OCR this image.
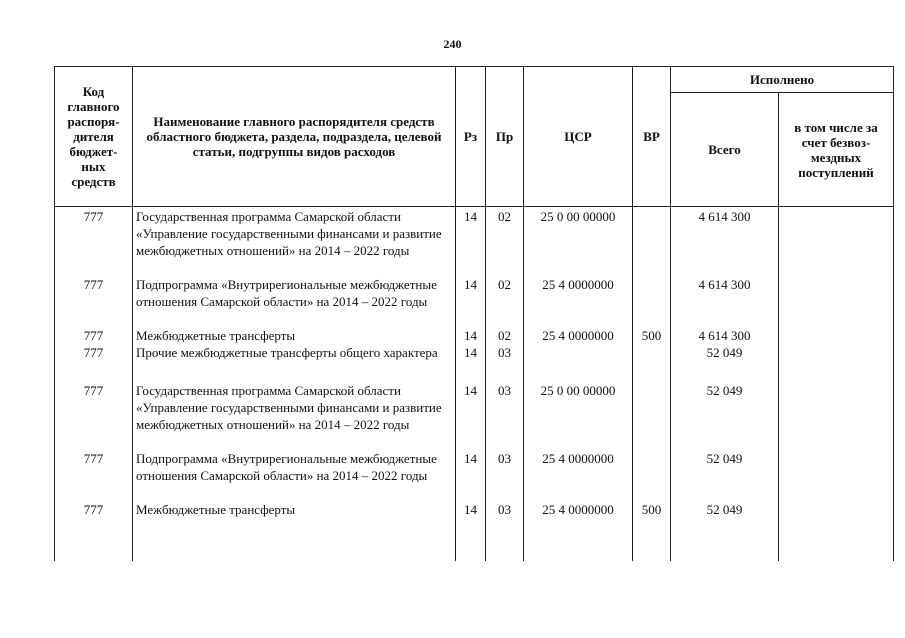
240
Код главного распоря-дителя бюджет-ных средств	Наименование главного распорядителя средств областного бюджета, раздела, подраздела, целевой статьи, подгруппы видов расходов	Рз	Пр	ЦСР	ВР	Исполнено	
						Всего	в том числе за счет безвоз-мездных поступлений
777	Государственная программа Самарской области «Управление государственными финансами и развитие межбюджетных отношений» на 2014 – 2022 годы	14	02	25 0 00 00000		4 614 300	
777	Подпрограмма «Внутрирегиональные межбюджетные отношения Самарской области» на 2014 – 2022 годы	14	02	25 4 0000000		4 614 300	
777	Межбюджетные трансферты	14	02	25 4 0000000	500	4 614 300	
777	Прочие межбюджетные трансферты общего характера	14	03			52 049	
777	Государственная программа Самарской области «Управление государственными финансами и развитие межбюджетных отношений» на 2014 – 2022 годы	14	03	25 0 00 00000		52 049	
777	Подпрограмма «Внутрирегиональные межбюджетные отношения Самарской области» на 2014 – 2022 годы	14	03	25 4 0000000		52 049	
777	Межбюджетные трансферты	14	03	25 4 0000000	500	52 049	
